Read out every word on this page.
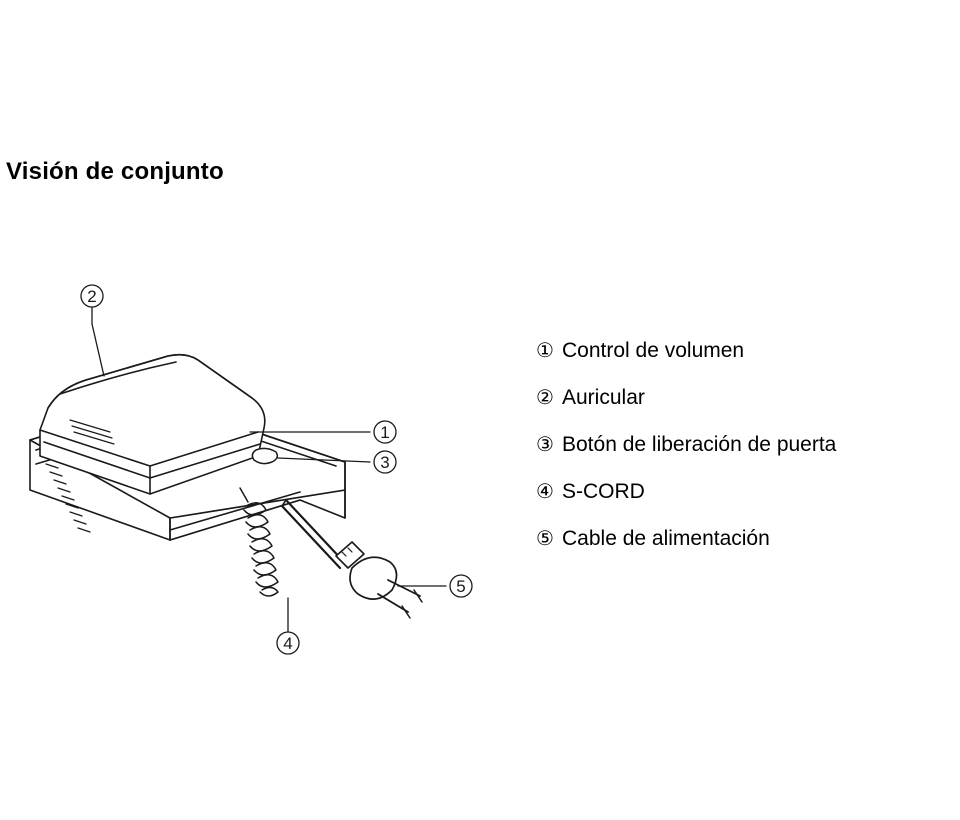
Visión de conjunto
2
1
3
4
5
① Control de volumen
② Auricular
③ Botón de liberación de puerta
④ S-CORD
⑤ Cable de alimentación
